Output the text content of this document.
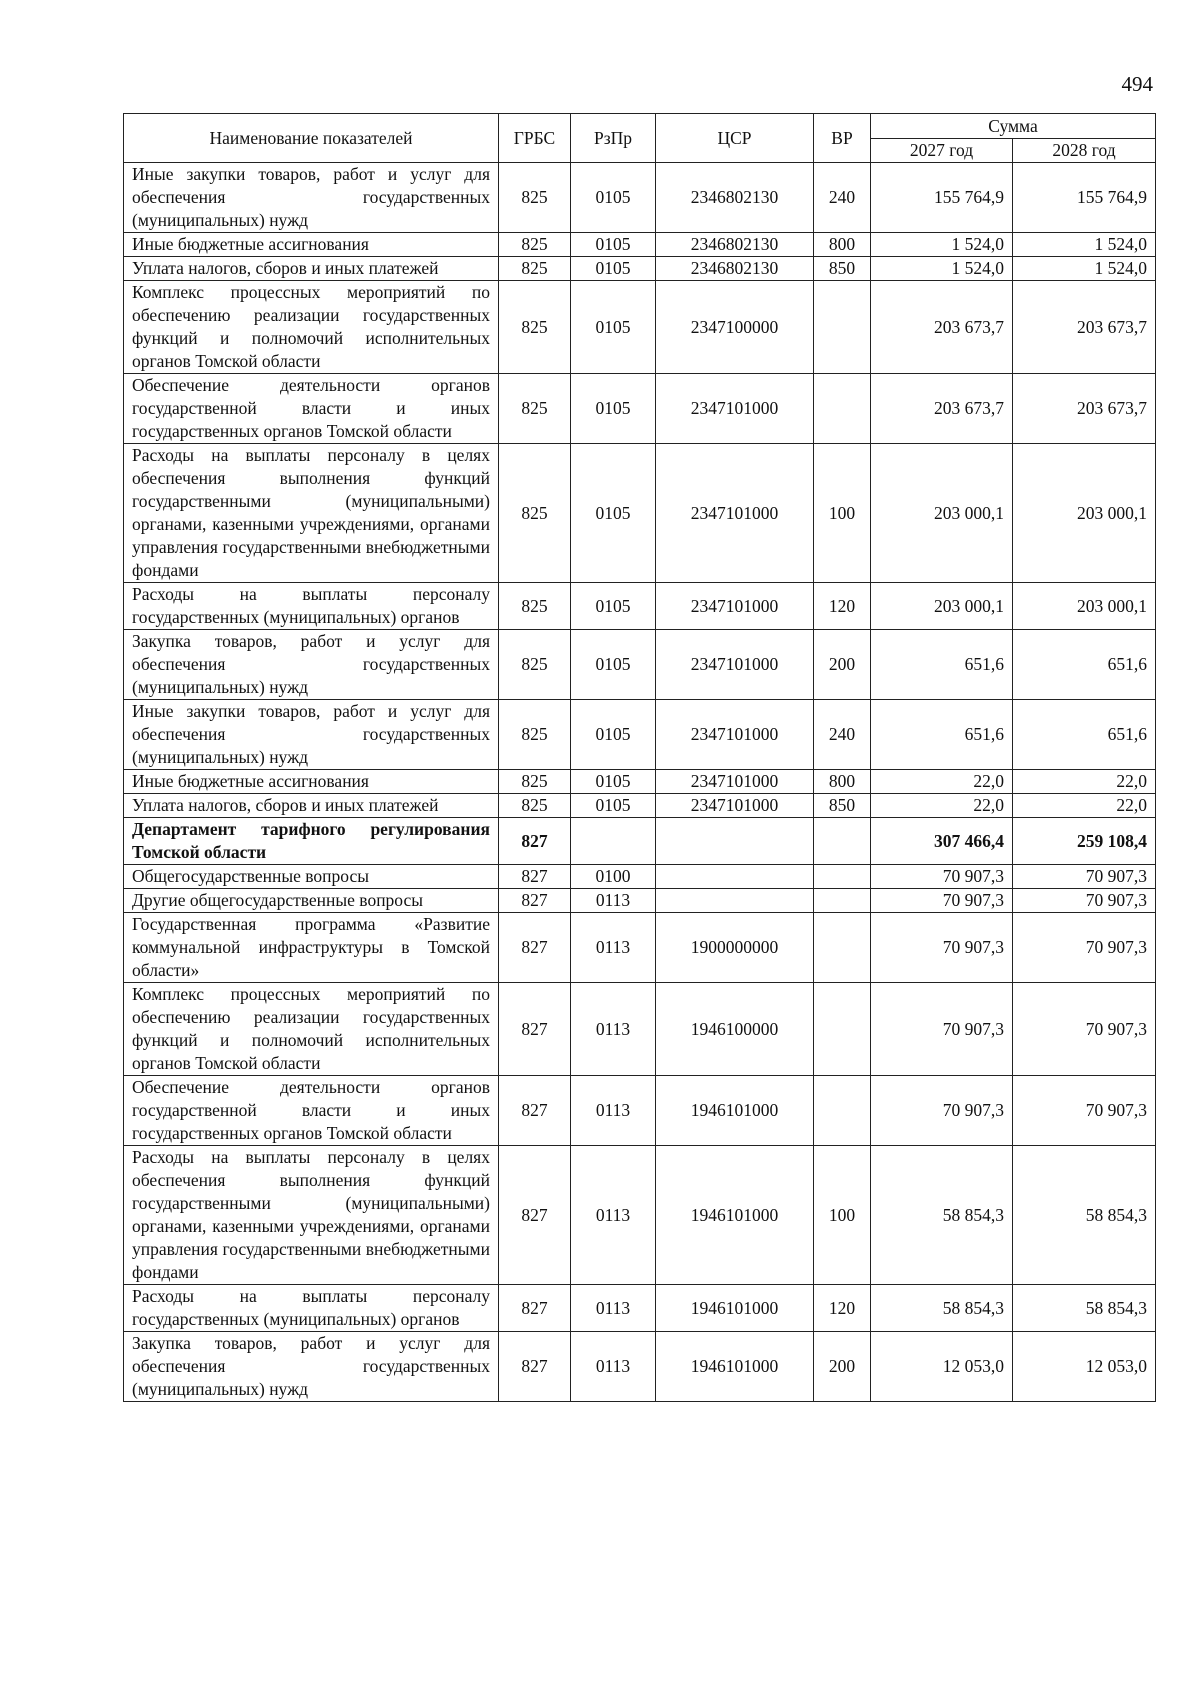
494
Наименование показателей	ГРБС	РзПр	ЦСР	ВР	Сумма	
					2027 год	2028 год
Иные закупки товаров, работ и услуг для обеспечения государственных (муниципальных) нужд	825	0105	2346802130	240	155 764,9	155 764,9
Иные бюджетные ассигнования	825	0105	2346802130	800	1 524,0	1 524,0
Уплата налогов, сборов и иных платежей	825	0105	2346802130	850	1 524,0	1 524,0
Комплекс процессных мероприятий по обеспечению реализации государственных функций и полномочий исполнительных органов Томской области	825	0105	2347100000		203 673,7	203 673,7
Обеспечение деятельности органов государственной власти и иных государственных органов Томской области	825	0105	2347101000		203 673,7	203 673,7
Расходы на выплаты персоналу в целях обеспечения выполнения функций государственными (муниципальными) органами, казенными учреждениями, органами управления государственными внебюджетными фондами	825	0105	2347101000	100	203 000,1	203 000,1
Расходы на выплаты персоналу государственных (муниципальных) органов	825	0105	2347101000	120	203 000,1	203 000,1
Закупка товаров, работ и услуг для обеспечения государственных (муниципальных) нужд	825	0105	2347101000	200	651,6	651,6
Иные закупки товаров, работ и услуг для обеспечения государственных (муниципальных) нужд	825	0105	2347101000	240	651,6	651,6
Иные бюджетные ассигнования	825	0105	2347101000	800	22,0	22,0
Уплата налогов, сборов и иных платежей	825	0105	2347101000	850	22,0	22,0
Департамент тарифного регулирования Томской области	827				307 466,4	259 108,4
Общегосударственные вопросы	827	0100			70 907,3	70 907,3
Другие общегосударственные вопросы	827	0113			70 907,3	70 907,3
Государственная программа «Развитие коммунальной инфраструктуры в Томской области»	827	0113	1900000000		70 907,3	70 907,3
Комплекс процессных мероприятий по обеспечению реализации государственных функций и полномочий исполнительных органов Томской области	827	0113	1946100000		70 907,3	70 907,3
Обеспечение деятельности органов государственной власти и иных государственных органов Томской области	827	0113	1946101000		70 907,3	70 907,3
Расходы на выплаты персоналу в целях обеспечения выполнения функций государственными (муниципальными) органами, казенными учреждениями, органами управления государственными внебюджетными фондами	827	0113	1946101000	100	58 854,3	58 854,3
Расходы на выплаты персоналу государственных (муниципальных) органов	827	0113	1946101000	120	58 854,3	58 854,3
Закупка товаров, работ и услуг для обеспечения государственных (муниципальных) нужд	827	0113	1946101000	200	12 053,0	12 053,0
